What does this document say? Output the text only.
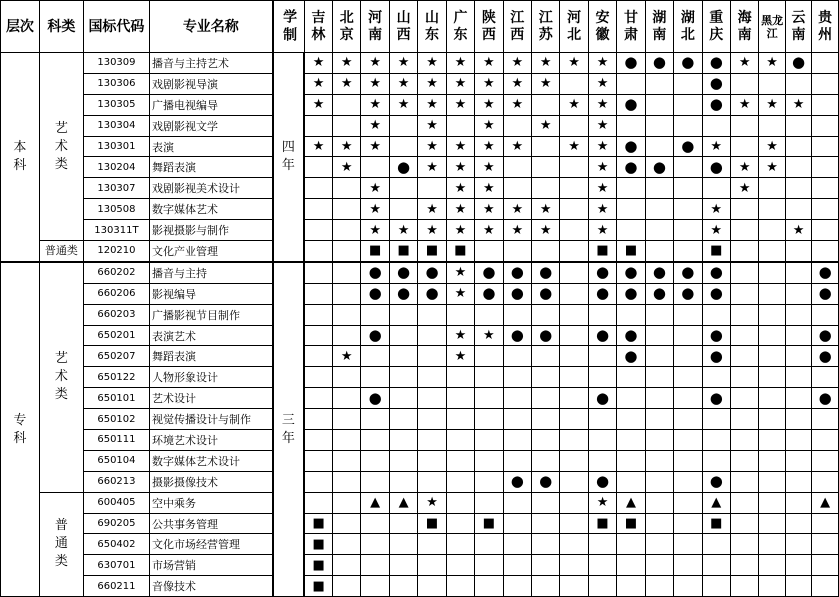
层次	科类	国标代码	专业名称	学制	吉林	北京	河南	山西	山东	广东	陕西	江西	江苏	河北	安徽	甘肃	湖南	湖北	重庆	海南	黑龙江	云南	贵州
本科	艺术类	130309	播音与主持艺术	四年	★	★	★	★	★	★	★	★	★	★	★	●	●	●	●	★	★	●	
		130306	戏剧影视导演		★	★	★	★	★	★	★	★	★		★				●				
		130305	广播电视编导		★		★	★	★	★	★	★		★	★	●			●	★	★	★	
		130304	戏剧影视文学				★		★		★		★		★								
		130301	表演		★	★	★		★	★	★	★		★	★	●		●	★		★		
		130204	舞蹈表演			★		●	★	★	★				★	●	●		●	★	★		
		130307	戏剧影视美术设计				★			★	★				★					★			
		130508	数字媒体艺术				★		★	★	★	★	★		★				★				
		130311T	影视摄影与制作				★	★	★	★	★	★	★		★				★			★	
	普通类	120210	文化产业管理				■	■	■	■					■	■			■				
专科	艺术类	660202	播音与主持	三年			●	●	●	★	●	●	●		●	●	●	●	●				●
		660206	影视编导				●	●	●	★	●	●	●		●	●	●	●	●				●
		660203	广播影视节目制作																				
		650201	表演艺术				●			★	★	●	●		●	●			●				●
		650207	舞蹈表演			★				★						●			●				●
		650122	人物形象设计																				
		650101	艺术设计				●								●				●				●
		650102	视觉传播设计与制作																				
		650111	环境艺术设计																				
		650104	数字媒体艺术设计																				
		660213	摄影摄像技术									●	●		●				●				
	普通类	600405	空中乘务				▲	▲	★						★	▲			▲				▲
		690205	公共事务管理		■				■		■				■	■			■				
		650402	文化市场经营管理		■																		
		630701	市场营销		■																		
		660211	音像技术		■																		
